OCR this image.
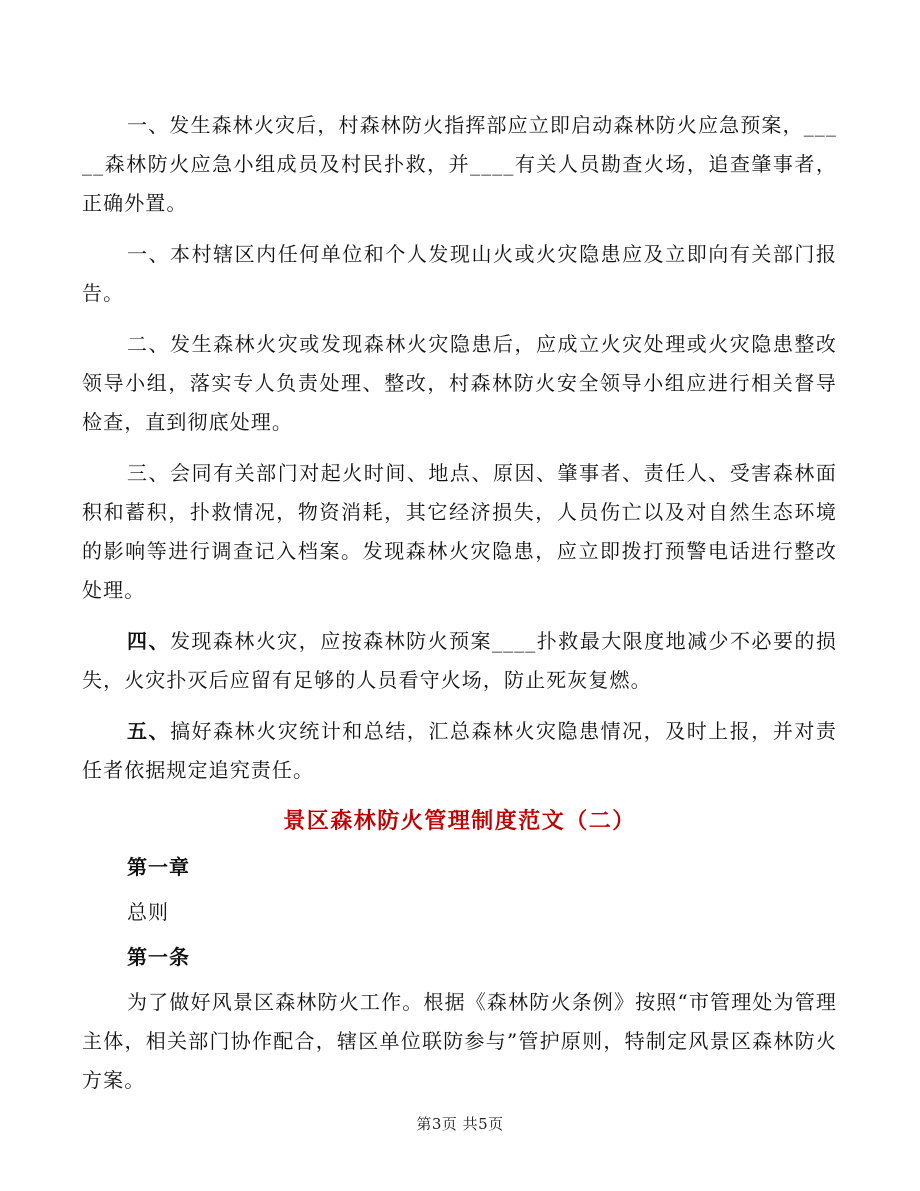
一、发生森林火灾后，村森林防火指挥部应立即启动森林防火应急预案，_____森林防火应急小组成员及村民扑救，并____有关人员勘查火场，追查肇事者，正确外置。

一、本村辖区内任何单位和个人发现山火或火灾隐患应及立即向有关部门报告。

二、发生森林火灾或发现森林火灾隐患后，应成立火灾处理或火灾隐患整改领导小组，落实专人负责处理、整改，村森林防火安全领导小组应进行相关督导检查，直到彻底处理。

三、会同有关部门对起火时间、地点、原因、肇事者、责任人、受害森林面积和蓄积，扑救情况，物资消耗，其它经济损失，人员伤亡以及对自然生态环境的影响等进行调查记入档案。发现森林火灾隐患，应立即拨打预警电话进行整改处理。

四、发现森林火灾，应按森林防火预案____扑救最大限度地减少不必要的损失，火灾扑灭后应留有足够的人员看守火场，防止死灰复燃。

五、搞好森林火灾统计和总结，汇总森林火灾隐患情况，及时上报，并对责任者依据规定追究责任。

景区森林防火管理制度范文（二）

第一章

总则

第一条

为了做好风景区森林防火工作。根据《森林防火条例》按照“市管理处为管理主体，相关部门协作配合，辖区单位联防参与”管护原则，特制定风景区森林防火方案。

第3页 共5页
